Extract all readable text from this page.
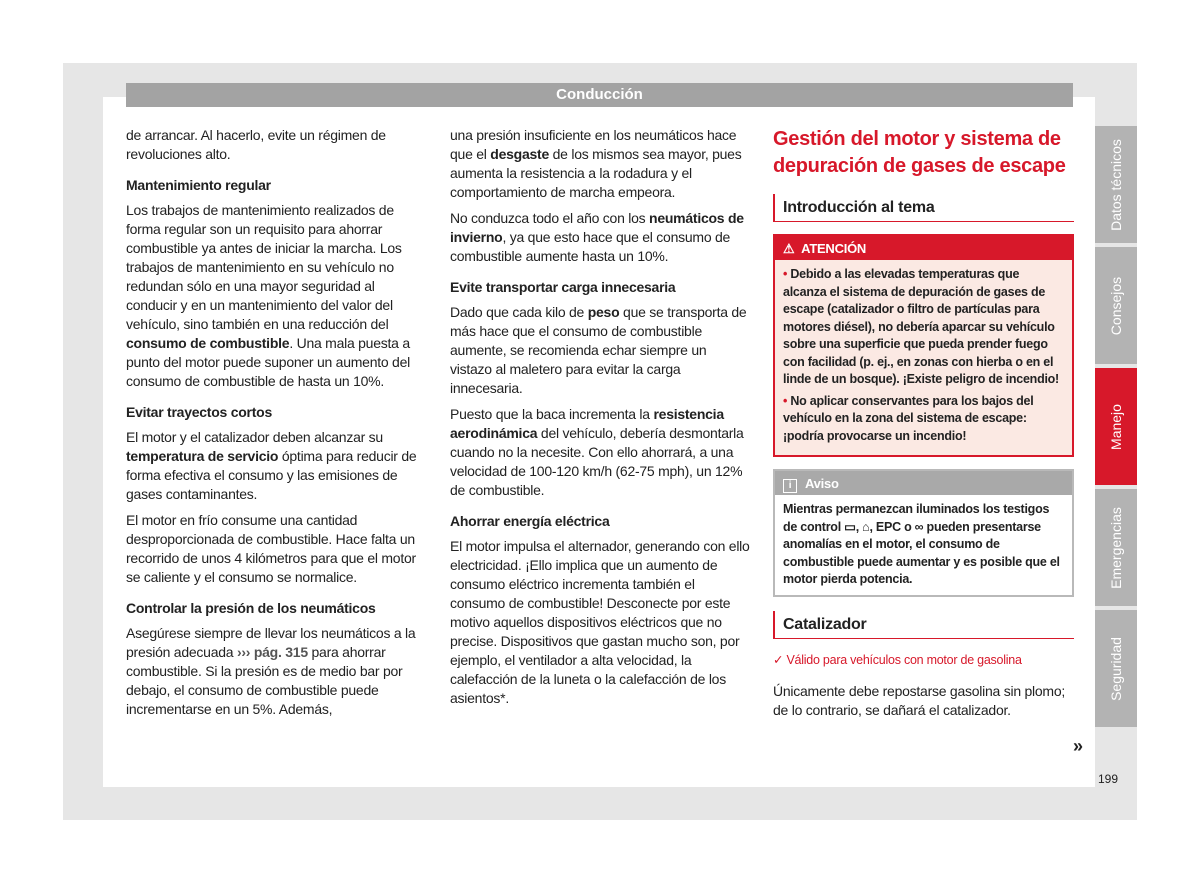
Conducción

de arrancar. Al hacerlo, evite un régimen de revoluciones alto.

Mantenimiento regular

Los trabajos de mantenimiento realizados de forma regular son un requisito para ahorrar combustible ya antes de iniciar la marcha. Los trabajos de mantenimiento en su vehículo no redundan sólo en una mayor seguridad al conducir y en un mantenimiento del valor del vehículo, sino también en una reducción del consumo de combustible. Una mala puesta a punto del motor puede suponer un aumento del consumo de combustible de hasta un 10%.

Evitar trayectos cortos

El motor y el catalizador deben alcanzar su temperatura de servicio óptima para reducir de forma efectiva el consumo y las emisiones de gases contaminantes.

El motor en frío consume una cantidad desproporcionada de combustible. Hace falta un recorrido de unos 4 kilómetros para que el motor se caliente y el consumo se normalice.

Controlar la presión de los neumáticos

Asegúrese siempre de llevar los neumáticos a la presión adecuada ››› pág. 315 para ahorrar combustible. Si la presión es de medio bar por debajo, el consumo de combustible puede incrementarse en un 5%. Además,

una presión insuficiente en los neumáticos hace que el desgaste de los mismos sea mayor, pues aumenta la resistencia a la rodadura y el comportamiento de marcha empeora.

No conduzca todo el año con los neumáticos de invierno, ya que esto hace que el consumo de combustible aumente hasta un 10%.

Evite transportar carga innecesaria

Dado que cada kilo de peso que se transporta de más hace que el consumo de combustible aumente, se recomienda echar siempre un vistazo al maletero para evitar la carga innecesaria.

Puesto que la baca incrementa la resistencia aerodinámica del vehículo, debería desmontarla cuando no la necesite. Con ello ahorrará, a una velocidad de 100-120 km/h (62-75 mph), un 12% de combustible.

Ahorrar energía eléctrica

El motor impulsa el alternador, generando con ello electricidad. ¡Ello implica que un aumento de consumo eléctrico incrementa también el consumo de combustible! Desconecte por este motivo aquellos dispositivos eléctricos que no precise. Dispositivos que gastan mucho son, por ejemplo, el ventilador a alta velocidad, la calefacción de la luneta o la calefacción de los asientos*.

Gestión del motor y sistema de depuración de gases de escape
Introducción al tema
⚠ ATENCIÓN

• Debido a las elevadas temperaturas que alcanza el sistema de depuración de gases de escape (catalizador o filtro de partículas para motores diésel), no debería aparcar su vehículo sobre una superficie que pueda prender fuego con facilidad (p. ej., en zonas con hierba o en el linde de un bosque). ¡Existe peligro de incendio!

• No aplicar conservantes para los bajos del vehículo en la zona del sistema de escape: ¡podría provocarse un incendio!

i Aviso
Mientras permanezcan iluminados los testigos de control ▭, ⌂, EPC o ∞ pueden presentarse anomalías en el motor, el consumo de combustible puede aumentar y es posible que el motor pierda potencia.
Catalizador
✓ Válido para vehículos con motor de gasolina
Únicamente debe repostarse gasolina sin plomo; de lo contrario, se dañará el catalizador.
Datos técnicos
Consejos
Manejo
Emergencias
Seguridad
»
199
